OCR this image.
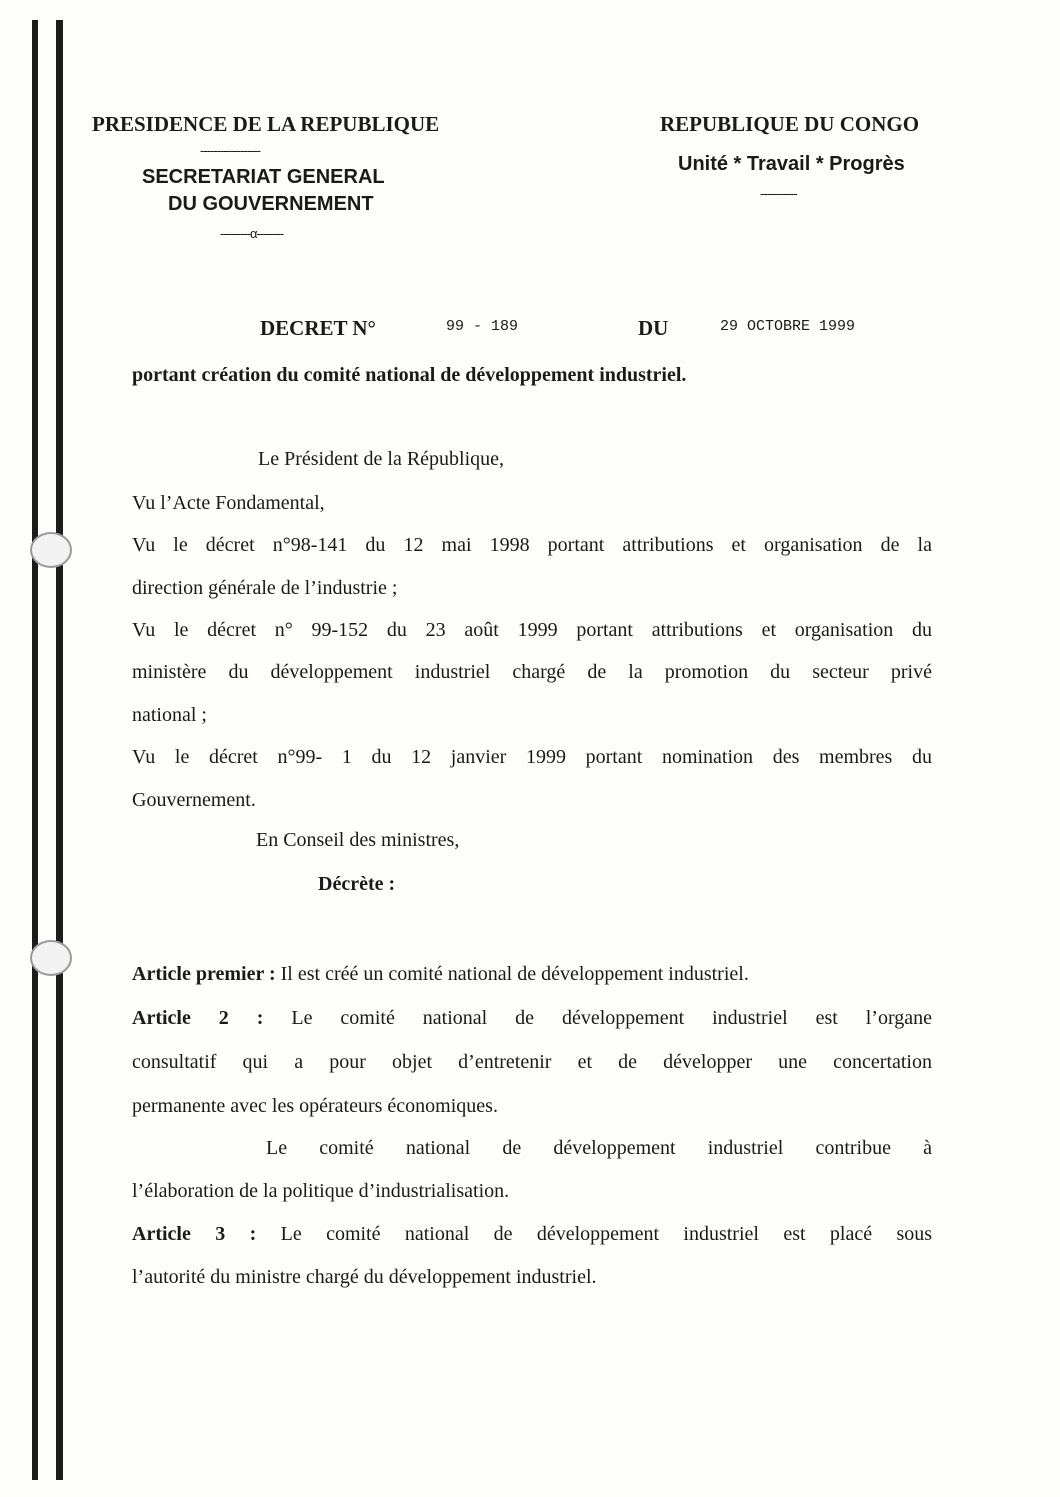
PRESIDENCE DE LA REPUBLIQUE
------------------
SECRETARIAT GENERAL
DU GOUVERNEMENT
---------α--------
REPUBLIQUE DU CONGO
Unité * Travail * Progrès
-----------
DECRET N°	99 - 189	DU	29 OCTOBRE 1999
portant création du comité national de développement industriel.
Le Président de la République,
Vu l’Acte Fondamental,
Vu le décret n°98-141 du 12 mai 1998 portant attributions et organisation de la
direction générale de l’industrie ;
Vu le décret n° 99-152 du 23 août 1999 portant attributions et organisation du
ministère du développement industriel chargé de la promotion du secteur privé
national ;
Vu le décret n°99- 1 du 12 janvier 1999 portant nomination des membres du
Gouvernement.
En Conseil des ministres,
Décrète :
Article premier : Il est créé un comité national de développement industriel.
Article 2 : Le comité national de développement industriel est l’organe
consultatif qui a pour objet d’entretenir et de développer une concertation
permanente avec les opérateurs économiques.
Le comité national de développement industriel contribue à
l’élaboration de la politique d’industrialisation.
Article 3 : Le comité national de développement industriel est placé sous
l’autorité du ministre chargé du développement industriel.
